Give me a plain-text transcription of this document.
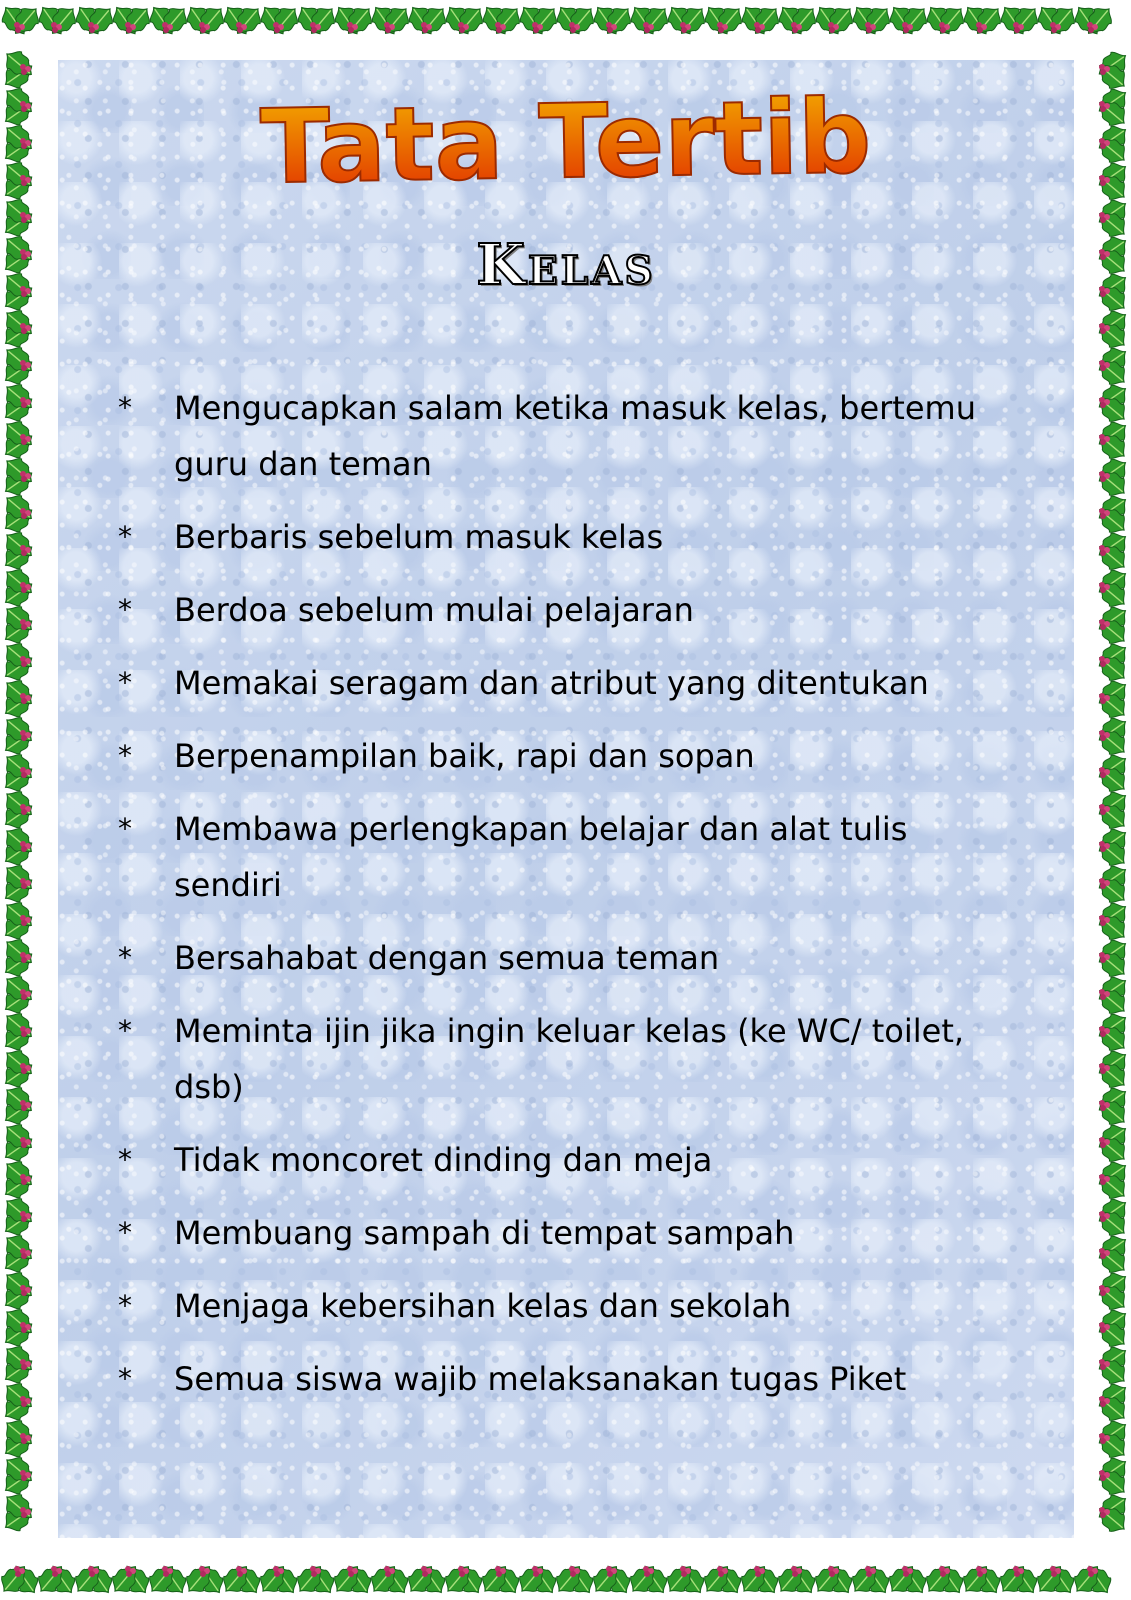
Tata Tertib
Kelas
*	Mengucapkan salam ketika masuk kelas, bertemu guru dan teman
*	Berbaris sebelum masuk kelas
*	Berdoa sebelum mulai pelajaran
*	Memakai seragam dan atribut yang ditentukan
*	Berpenampilan baik, rapi dan sopan
*	Membawa perlengkapan belajar dan alat tulis sendiri
*	Bersahabat dengan semua teman
*	Meminta ijin jika ingin keluar kelas (ke WC/ toilet, dsb)
*	Tidak moncoret dinding dan meja
*	Membuang sampah di tempat sampah
*	Menjaga kebersihan kelas dan sekolah
*	Semua siswa wajib melaksanakan tugas Piket
